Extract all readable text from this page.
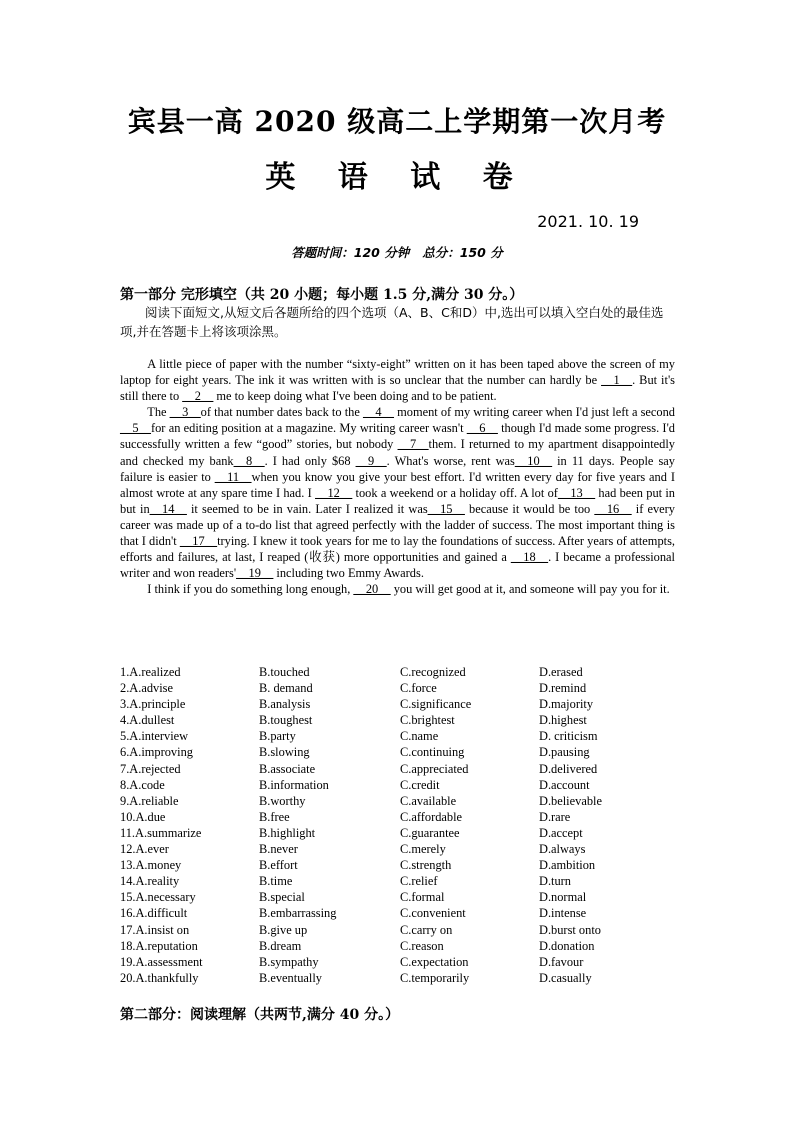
宾县一高 2020 级高二上学期第一次月考
英 语 试 卷
2021. 10. 19
答题时间：120 分钟 总分：150 分
第一部分 完形填空（共 20 小题；每小题 1.5 分,满分 30 分。）

阅读下面短文,从短文后各题所给的四个选项（A、B、C和D）中,选出可以填入空白处的最佳选项,并在答题卡上将该项涂黑。

A little piece of paper with the number “sixty-eight” written on it has been taped above the screen of my laptop for eight years. The ink it was written with is so unclear that the number can hardly be __1__. But it's still there to __2__ me to keep doing what I've been doing and to be patient.

The __3__of that number dates back to the __4__ moment of my writing career when I'd just left a second __5__for an editing position at a magazine. My writing career wasn't __6__ though I'd made some progress. I'd successfully written a few “good” stories, but nobody __7__them. I returned to my apartment disappointedly and checked my bank__8__. I had only $68 __9__. What's worse, rent was__10__ in 11 days. People say failure is easier to __11__when you know you give your best effort. I'd written every day for five years and I almost wrote at any spare time I had. I __12__ took a weekend or a holiday off. A lot of__13__ had been put in but in__14__ it seemed to be in vain. Later I realized it was__15__ because it would be too __16__ if every career was made up of a to-do list that agreed perfectly with the ladder of success. The most important thing is that I didn't __17__trying. I knew it took years for me to lay the foundations of success. After years of attempts, efforts and failures, at last, I reaped (收获) more opportunities and gained a __18__. I became a professional writer and won readers'__19__ including two Emmy Awards.

I think if you do something long enough, __20__ you will get good at it, and someone will pay you for it.

1.A.realized	B.touched	C.recognized	D.erased
2.A.advise	B. demand	C.force	D.remind
3.A.principle	B.analysis	C.significance	D.majority
4.A.dullest	B.toughest	C.brightest	D.highest
5.A.interview	B.party	C.name	D. criticism
6.A.improving	B.slowing	C.continuing	D.pausing
7.A.rejected	B.associate	C.appreciated	D.delivered
8.A.code	B.information	C.credit	D.account
9.A.reliable	B.worthy	C.available	D.believable
10.A.due	B.free	C.affordable	D.rare
11.A.summarize	B.highlight	C.guarantee	D.accept
12.A.ever	B.never	C.merely	D.always
13.A.money	B.effort	C.strength	D.ambition
14.A.reality	B.time	C.relief	D.turn
15.A.necessary	B.special	C.formal	D.normal
16.A.difficult	B.embarrassing	C.convenient	D.intense
17.A.insist on	B.give up	C.carry on	D.burst onto
18.A.reputation	B.dream	C.reason	D.donation
19.A.assessment	B.sympathy	C.expectation	D.favour
20.A.thankfully	B.eventually	C.temporarily	D.casually
第二部分：阅读理解（共两节,满分 40 分。）
